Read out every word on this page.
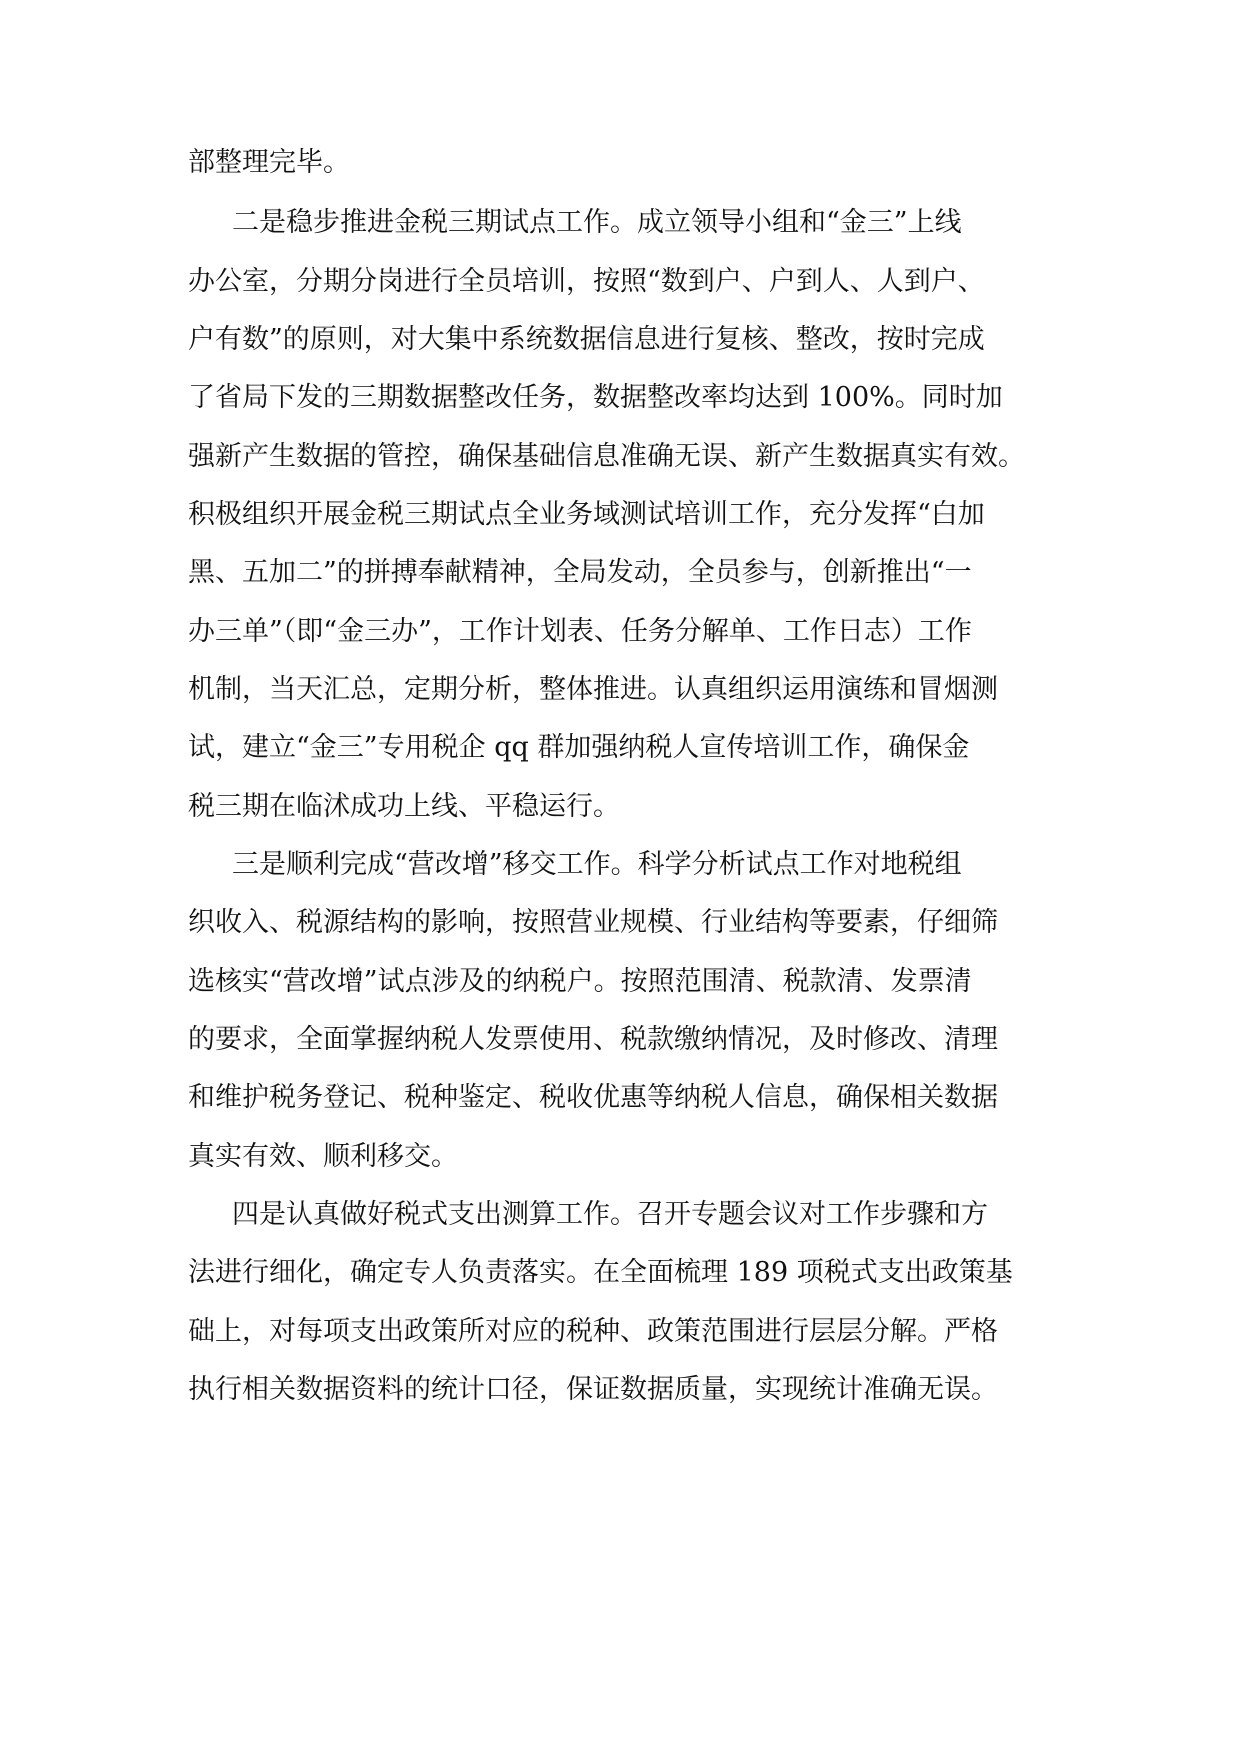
部整理完毕。
二是稳步推进金税三期试点工作。成立领导小组和“金三”上线
办公室，分期分岗进行全员培训，按照“数到户、户到人、人到户、
户有数”的原则，对大集中系统数据信息进行复核、整改，按时完成
了省局下发的三期数据整改任务，数据整改率均达到 100%。同时加
强新产生数据的管控，确保基础信息准确无误、新产生数据真实有效。
积极组织开展金税三期试点全业务域测试培训工作，充分发挥“白加
黑、五加二”的拼搏奉献精神，全局发动，全员参与，创新推出“一
办三单”（即“金三办”，工作计划表、任务分解单、工作日志）工作
机制，当天汇总，定期分析，整体推进。认真组织运用演练和冒烟测
试，建立“金三”专用税企 qq 群加强纳税人宣传培训工作，确保金
税三期在临沭成功上线、平稳运行。
三是顺利完成“营改增”移交工作。科学分析试点工作对地税组
织收入、税源结构的影响，按照营业规模、行业结构等要素，仔细筛
选核实“营改增”试点涉及的纳税户。按照范围清、税款清、发票清
的要求，全面掌握纳税人发票使用、税款缴纳情况，及时修改、清理
和维护税务登记、税种鉴定、税收优惠等纳税人信息，确保相关数据
真实有效、顺利移交。
四是认真做好税式支出测算工作。召开专题会议对工作步骤和方
法进行细化，确定专人负责落实。在全面梳理 189 项税式支出政策基
础上，对每项支出政策所对应的税种、政策范围进行层层分解。严格
执行相关数据资料的统计口径，保证数据质量，实现统计准确无误。
